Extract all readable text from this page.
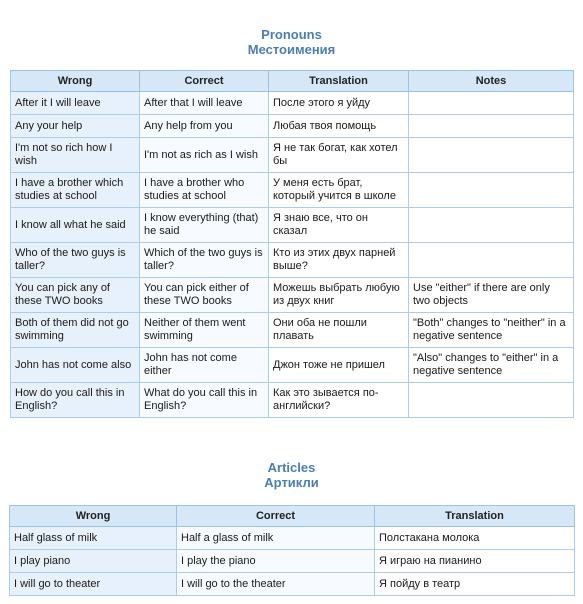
Pronouns
Местоимения
Wrong	Correct	Translation	Notes
After it I will leave	After that I will leave	После этого я уйду	
Any your help	Any help from you	Любая твоя помощь	
I'm not so rich how I wish	I'm not as rich as I wish	Я не так богат, как хотел бы	
I have a brother which studies at school	I have a brother who studies at school	У меня есть брат, который учится в школе	
I know all what he said	I know everything (that) he said	Я знаю все, что он сказал	
Who of the two guys is taller?	Which of the two guys is taller?	Кто из этих двух парней выше?	
You can pick any of these TWO books	You can pick either of these TWO books	Можешь выбрать любую из двух книг	Use "either" if there are only two objects
Both of them did not go swimming	Neither of them went swimming	Они оба не пошли плавать	"Both" changes to "neither" in a negative sentence
John has not come also	John has not come either	Джон тоже не пришел	"Also" changes to "either" in a negative sentence
How do you call this in English?	What do you call this in English?	Как это зывается по-английски?	
Articles
Артикли
Wrong	Correct	Translation
Half glass of milk	Half a glass of milk	Полстакана молока
I play piano	I play the piano	Я играю на пианино
I will go to theater	I will go to the theater	Я пойду в театр
